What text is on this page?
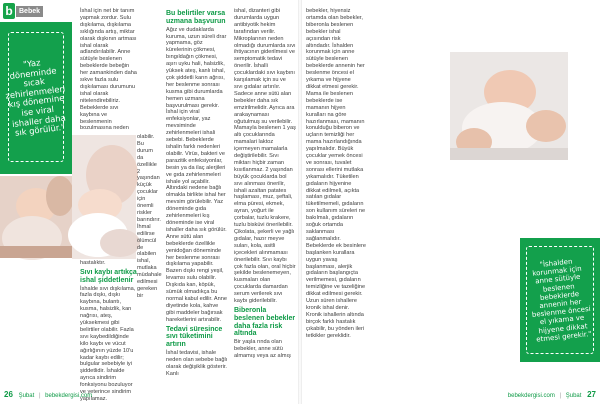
b Bebek
"Yaz döneminde sıcak zehirlenmeleri kış dönemine ise viral ishaller daha sık görülür."

İshal için net bir tanım yapmak zordur. Sulu dışkılama, dışkılama sıklığında artış, miktar olarak dışkının artması ishal olarak adlandırılabilir. Anne sütüyle beslenen bebeklerde bebeğin her zamankinden daha sıkve fazla sulu dışkılaması durumunu ishal olarak nitelendirebiliriz. Bebeklerde sıvı kaybına ve beslenmenin bozulmasına neden

olabilir. Bu durum da özellikle 2 yaşından küçük çocuklar için önemli riskler barındırır. İhmal edilirse ölümcül de olabilen ishal, mutlaka müdahale edilmesi gereken bir

hastalıktır.

Sıvı kaybı artıkça ishal şiddetlenir

İshalde sıvı dışkılama, fazla dışkı, dışkı kaybına, bulantı, kusma, halsizlik, kan nağrısı, ateş, yüksekmesi gibi belirtiler olabilir. Fazla sıvı kaybedildiğinde kilo kaybı ve vücut ağırlığının yüzde 10'u kadar kaybı edilir; bulgular sebebiyle iyi şiddetlidir. İshalde ayrıca sindirim fonksiyonu bozuluyor ve yeterince sindirim yapılamaz.

Bu belirtiler varsa uzmana başvurun

Ağız ve dudaklarda kuruma, uzun süreli drar yapmama, göz kürelerinin çökmesi, bıngıldağın çökmesi, aşırı uyku hali, halsizlik, yüksek ateş, kanlı ishal, çok şiddetli karın ağrısı, her beslenme sonrası kusma gibi durumlarda hemen uzmana başvurulması gerekir.

İshal için viral enfeksiyonlar, yaz mevsiminde zehirlenmeleri ishali sebebi. Bebeklerde ishalin farklı nedenleri olabilir. Virüs, bakteri ve parazitik enfeksiyonlar, besin ya da ilaç alerjileri ve gıda zehirlenmeleri ishale yol açabilir. Altındaki nedene bağlı olmakla birlikte ishal her mevsim görülebilir. Yaz döneminde gıda zehirlenmeleri kış döneminde ise viral ishaller daha sık görülür. Anne sütü alan bebeklerde özellikle yenidoğan döneminde her beslenme sonrası dışkılama yapabilir. Bazen dışkı rengi yeşil, levamsı sulu olabilir. Dışkıda kan, köpük, sümük olmadıkça bu normal kabul edilir. Anne diyetinde kola, kahve gibi maddeler bağırsak hareketlerini artırabilir.

Tedavi süresince sıvı tüketimini artırın

İshal tedavisi, ishale neden olan sebebe bağlı olarak değişiklik gösterir. Kanlı

ishal, dizanteri gibi durumlarda uygun antibiyotik hekim tarafından verilir. Mikroplarının neden olmadığı durumlarda sıvı ihtiyacının giderilmesi ve semptomatik tedavi önerilir. İshalli çocuklardaki sıvı kaybını karşılamak için su ve sıvı gıdalar artırılır. Sadece anne sütü alan bebekler daha sık emzirilmelidir. Ayrıca ara arakaynaması oğutulmuş su verilebilir. Mamayla beslenen 1 yaş altı çocuklarında mamalari laktoz içermeyen mamalarla değiştirilebilir. Sıvı miktarı hiçbir zaman kısıtlanmaz. 2 yaşından büyük çocuklarda bol sıvı alınması önerilir, ishali azaltan patates haşlaması, muz, şeftali, elma püresi, ekmek, ayran, yoğurt ile çorbalar, tuzlu krakere, tuzlu bisküvi önerilebilir. Çikolata, şekerli ve yağlı gıdalar, hazır meyve suları, kola, asitli içecekleri alınmaması önerilebilir. Sıvı kaybı çok fazla olan, oral hiçbir şekilde beslenemeyen, kusmaları olan çocuklarda damardan serum verilerek sıvı kaybı giderilebilir.

Biberonla beslenen bebekler daha fazla risk altında

Bir yaşla rında olan bebekler, anne sütü almamış veya az almış

bebekler, hiyensiz ortamda olan bebekler, biberonla beslenen bebekler ishal açısından risk altındadır. İshalden korunmak için anne sütüyle beslenen bebeklerde annenin her beslenme öncesi el yıkama ve hijyene dikkat etmesi gerekir. Mama ile beslenen bebeklerde ise mamanın hijyen kuralları na göre hazırlanması, mamanın konulduğu biberon ve uçların temizliği her mama hazırlandığında yapılmalıdır. Büyük çocuklar yemek öncesi ve sonrası, tuvalet sonrası ellerini mutlaka yıkamalıdır. Tüketilen gıdaların hijyenine dikkat edilmeli, açıkta satılan gıdalar tüketilmemeli, gıdaların son kullanım süreleri ne bakılmalı, gıdaların soğuk ortamda saklanması sağlanmalıdır. Bebeklerde ek besinlere başlanken kurallara uygun yavaş başlanması, alerjik gıdaların başlangıçta verilmemesi, gıdaların temizliğine ve tazeliğine dikkat edilmesi gerekir. Uzun süren ishallere kronik ishal denir. Kronik ishallerin altında birçok farklı hastalık çıkabilir, bu yönden ileri tetkikler gereklidir.

"İshalden korunmak için anne sütüyle beslenen bebeklerde annenin her beslenme öncesi el yıkama ve hijyene dikkat etmesi gerekir."
26 Şubat | bebekdergisi.com	bebekdergisi.com | Şubat 27
